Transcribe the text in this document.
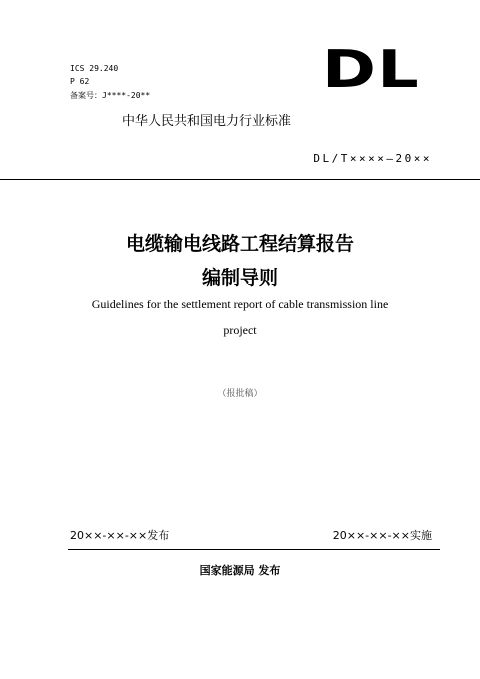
ICS 29.240
P 62
备案号：J****-20**	DL
中华人民共和国电力行业标准
DL/T××××—20××
电缆输电线路工程结算报告
编制导则
Guidelines for the settlement report of cable transmission line
project
（报批稿）
20××-××-××发布	20××-××-××实施
国家能源局 发布
